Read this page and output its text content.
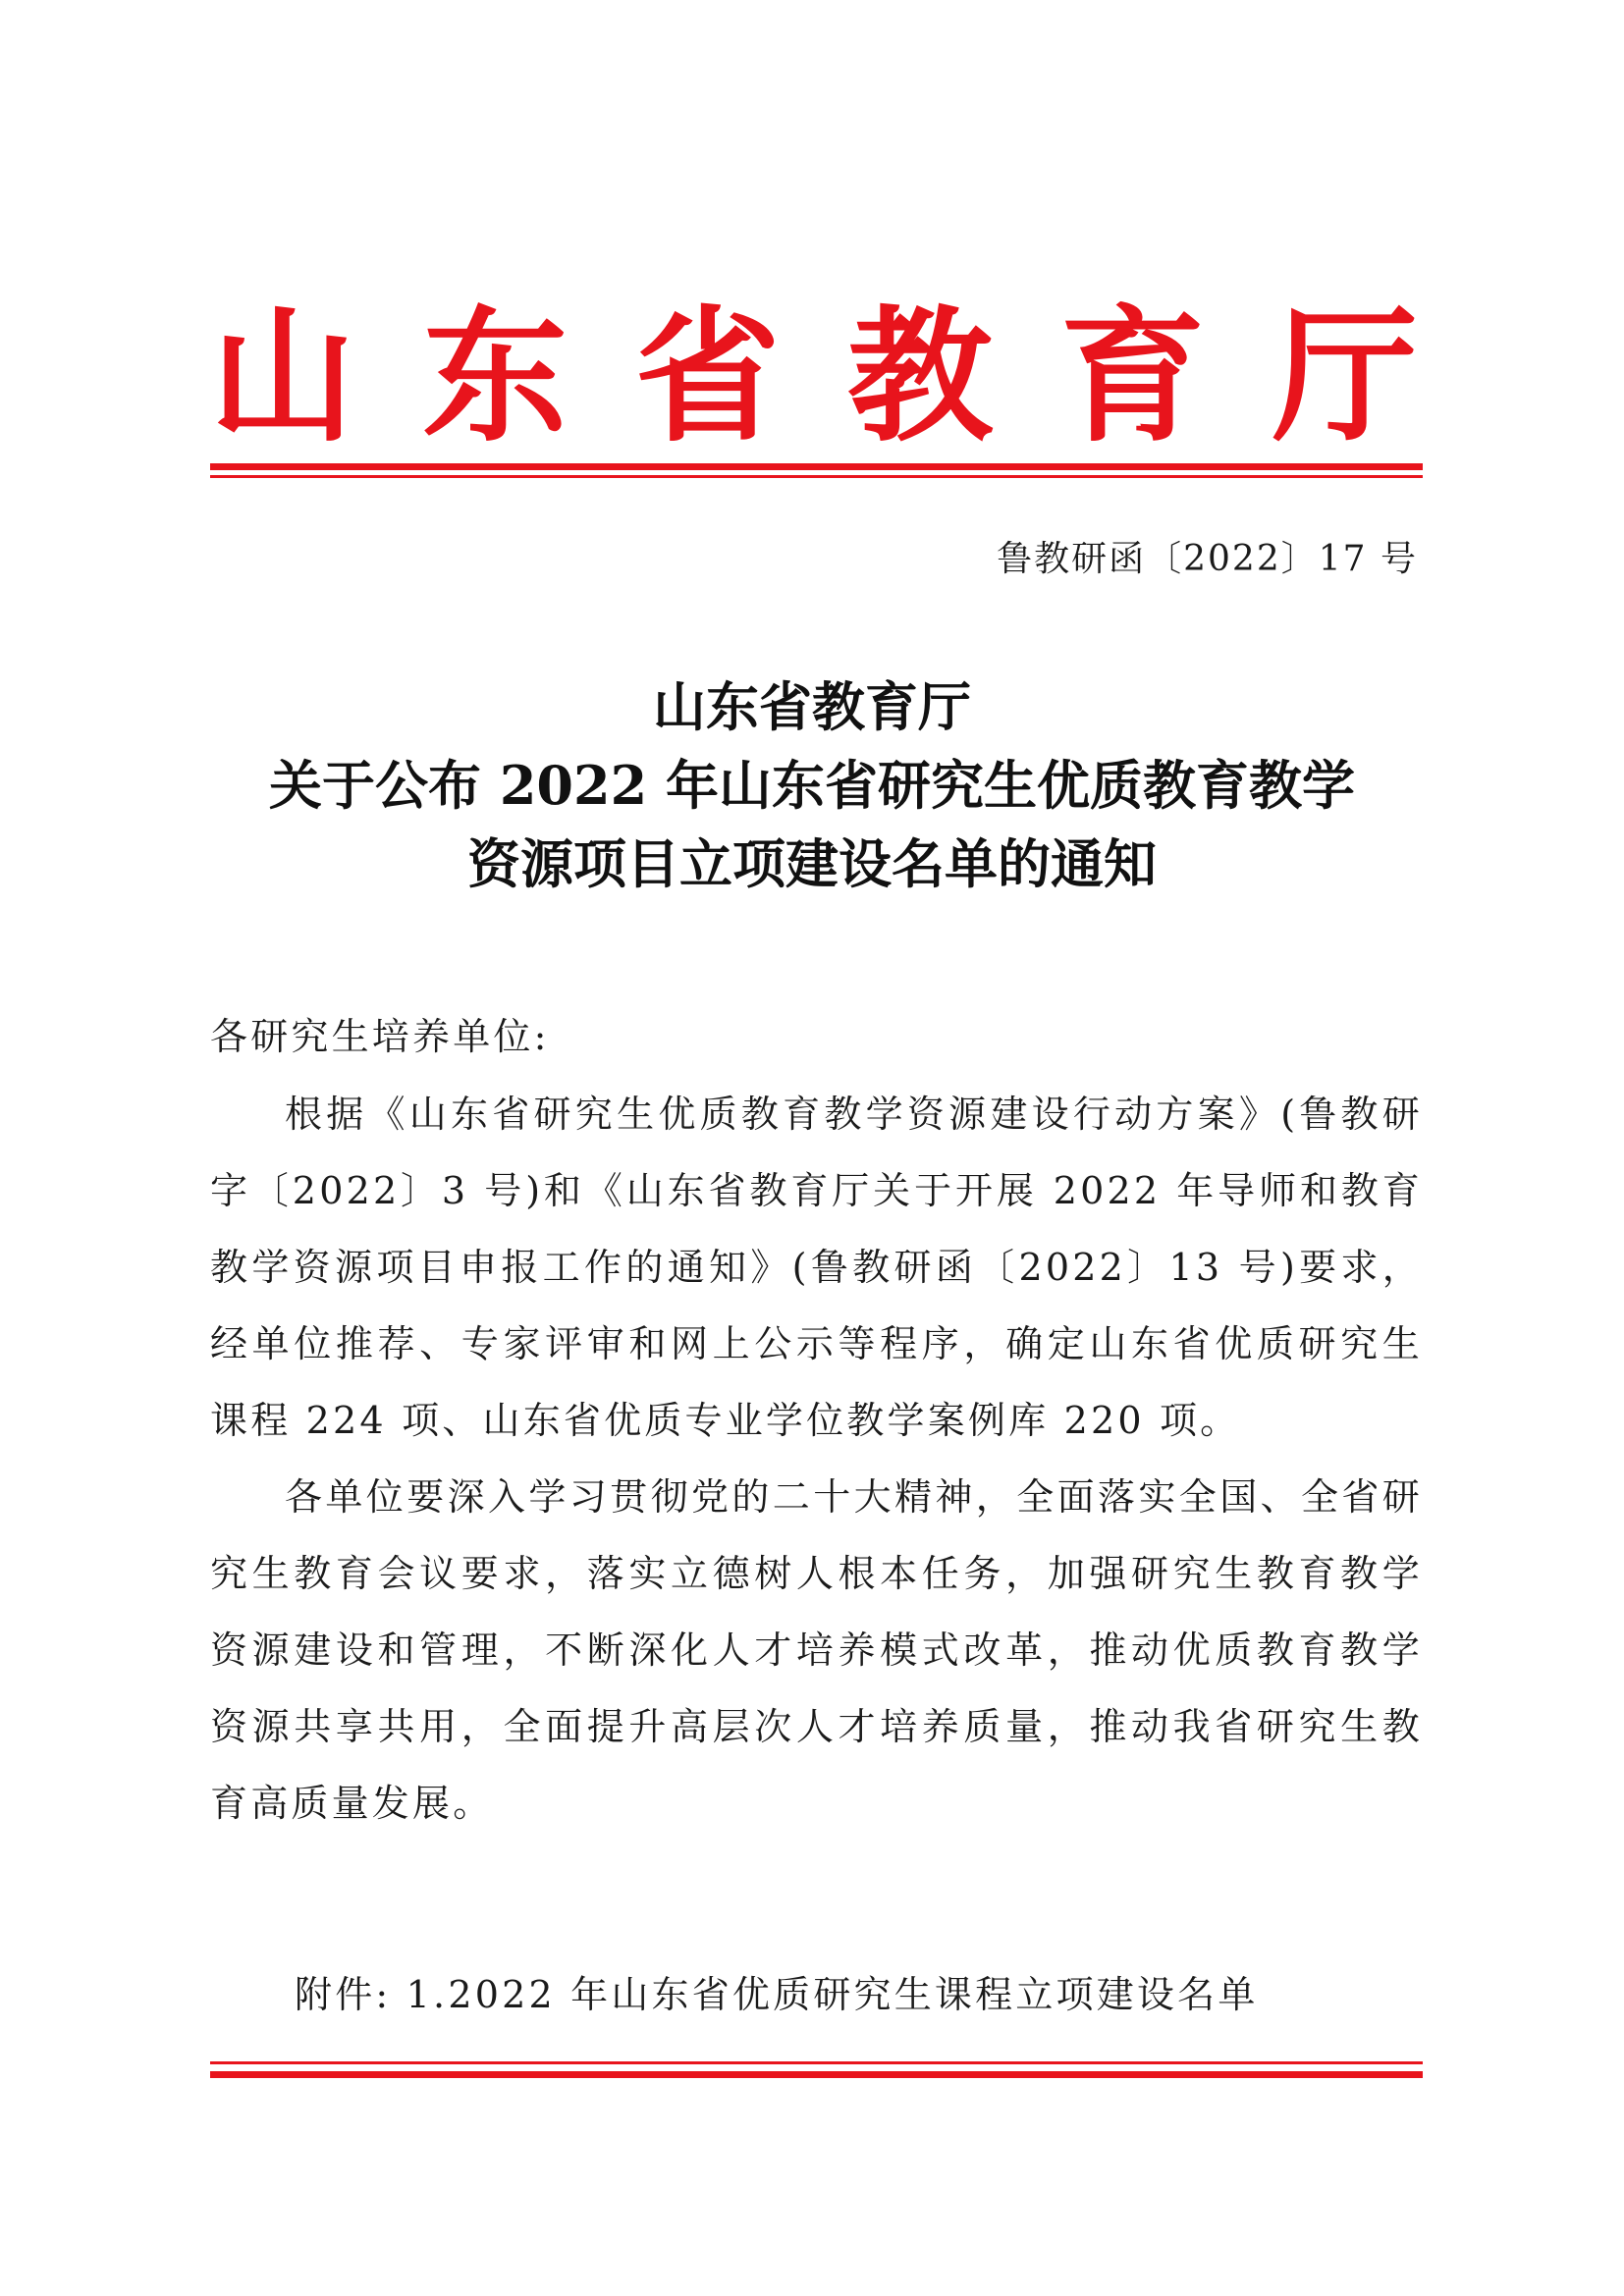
山 东 省 教 育 厅
鲁教研函〔2022〕17 号
山东省教育厅
关于公布 2022 年山东省研究生优质教育教学
资源项目立项建设名单的通知
各研究生培养单位:

根据《山东省研究生优质教育教学资源建设行动方案》(鲁教研字〔2022〕3 号)和《山东省教育厅关于开展 2022 年导师和教育教学资源项目申报工作的通知》(鲁教研函〔2022〕13 号)要求，经单位推荐、专家评审和网上公示等程序，确定山东省优质研究生课程 224 项、山东省优质专业学位教学案例库 220 项。

各单位要深入学习贯彻党的二十大精神，全面落实全国、全省研究生教育会议要求，落实立德树人根本任务，加强研究生教育教学资源建设和管理，不断深化人才培养模式改革，推动优质教育教学资源共享共用，全面提升高层次人才培养质量，推动我省研究生教育高质量发展。

附件: 1.2022 年山东省优质研究生课程立项建设名单
